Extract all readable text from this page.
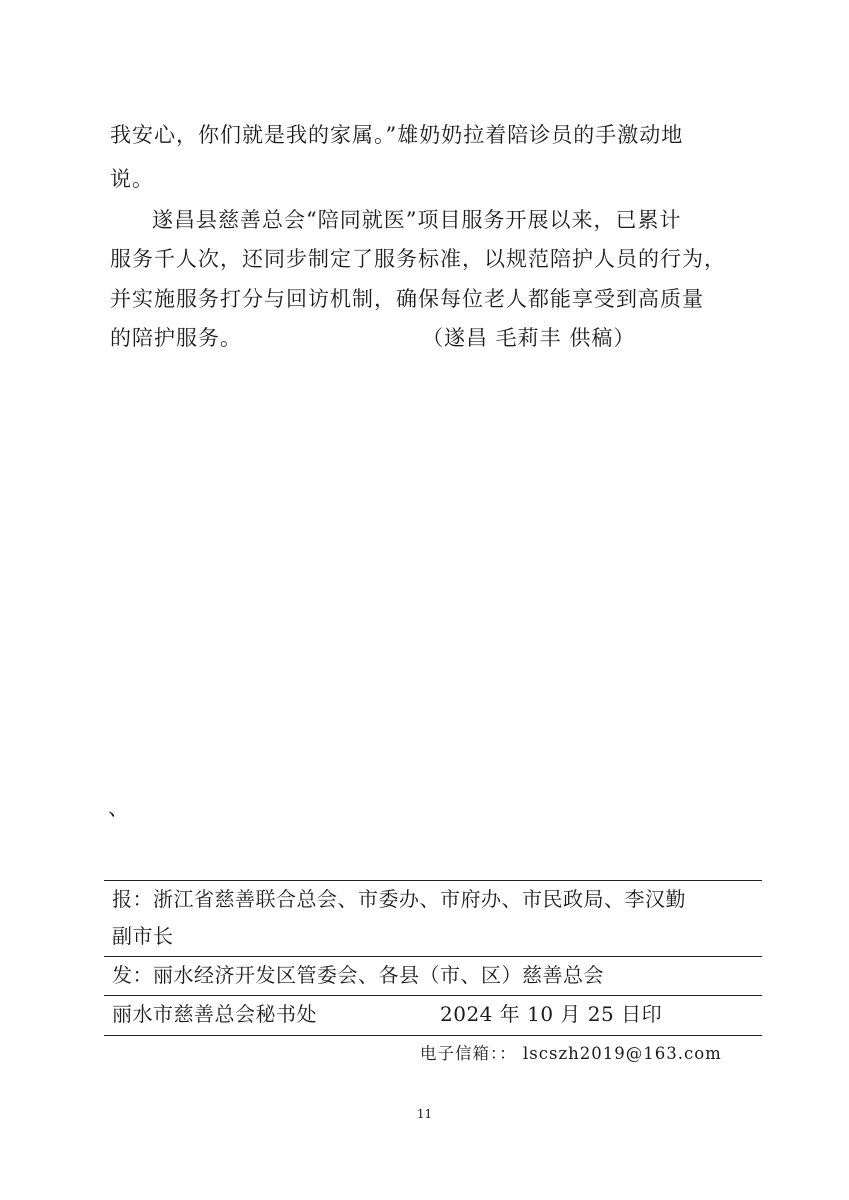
我安心，你们就是我的家属。”雄奶奶拉着陪诊员的手激动地
说。
遂昌县慈善总会“陪同就医”项目服务开展以来，已累计
服务千人次，还同步制定了服务标准，以规范陪护人员的行为，
并实施服务打分与回访机制，确保每位老人都能享受到高质量
的陪护服务。	（遂昌 毛莉丰 供稿）
、
报：浙江省慈善联合总会、市委办、市府办、市民政局、李汉勤
副市长
发：丽水经济开发区管委会、各县（市、区）慈善总会
丽水市慈善总会秘书处	2024 年 10 月 25 日印
电子信箱：： lscszh2019@163.com
11
